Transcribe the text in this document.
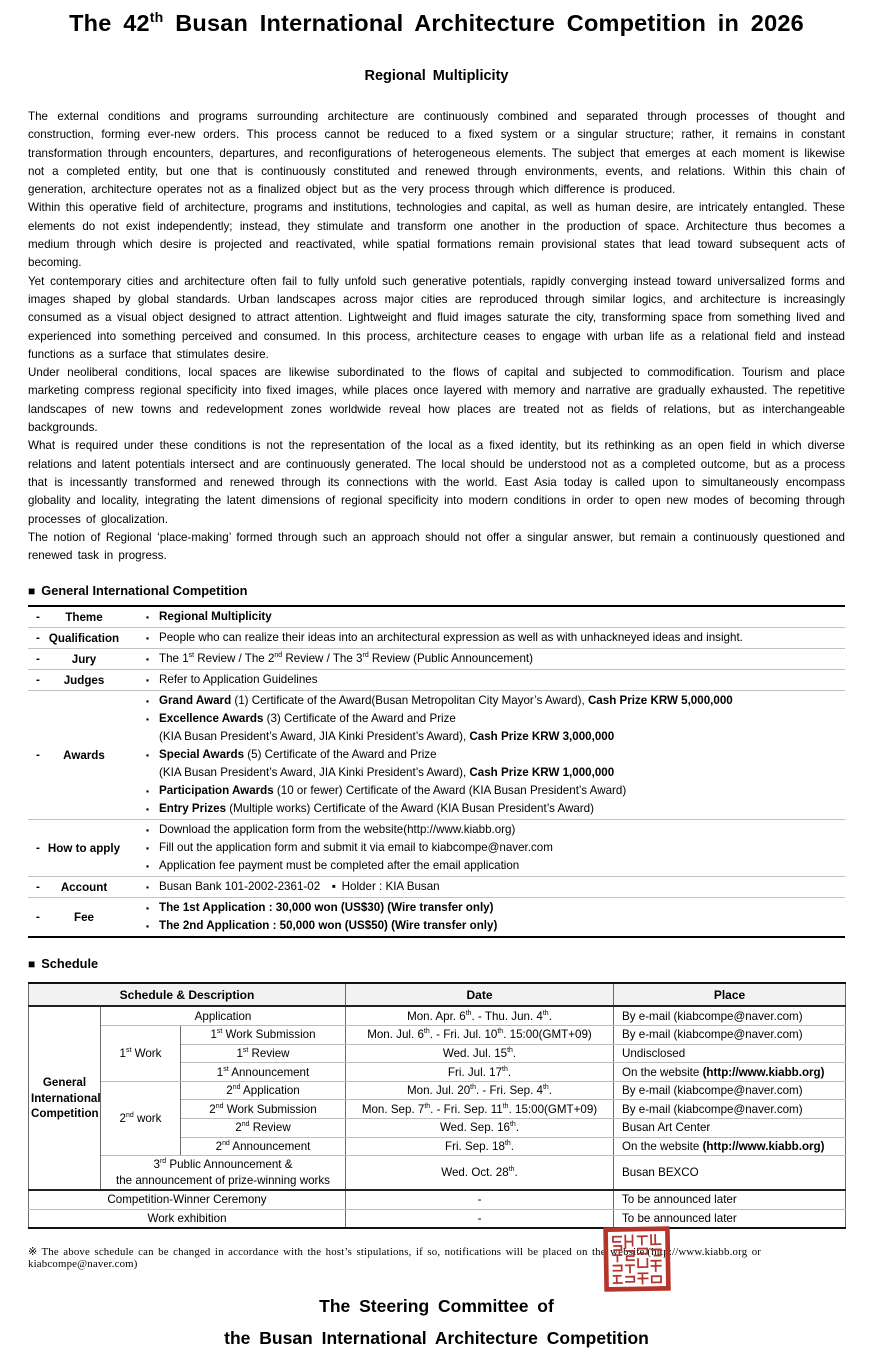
The 42th Busan International Architecture Competition in 2026
Regional Multiplicity

The external conditions and programs surrounding architecture are continuously combined and separated through processes of thought and construction, forming ever-new orders. This process cannot be reduced to a fixed system or a singular structure; rather, it remains in constant transformation through encounters, departures, and reconfigurations of heterogeneous elements. The subject that emerges at each moment is likewise not a completed entity, but one that is continuously constituted and renewed through environments, events, and relations. Within this chain of generation, architecture operates not as a finalized object but as the very process through which difference is produced.

Within this operative field of architecture, programs and institutions, technologies and capital, as well as human desire, are intricately entangled. These elements do not exist independently; instead, they stimulate and transform one another in the production of space. Architecture thus becomes a medium through which desire is projected and reactivated, while spatial formations remain provisional states that lead toward subsequent acts of becoming.

Yet contemporary cities and architecture often fail to fully unfold such generative potentials, rapidly converging instead toward universalized forms and images shaped by global standards. Urban landscapes across major cities are reproduced through similar logics, and architecture is increasingly consumed as a visual object designed to attract attention. Lightweight and fluid images saturate the city, transforming space from something lived and experienced into something perceived and consumed. In this process, architecture ceases to engage with urban life as a relational field and instead functions as a surface that stimulates desire.

Under neoliberal conditions, local spaces are likewise subordinated to the flows of capital and subjected to commodification. Tourism and place marketing compress regional specificity into fixed images, while places once layered with memory and narrative are gradually exhausted. The repetitive landscapes of new towns and redevelopment zones worldwide reveal how places are treated not as fields of relations, but as interchangeable backgrounds.

What is required under these conditions is not the representation of the local as a fixed identity, but its rethinking as an open field in which diverse relations and latent potentials intersect and are continuously generated. The local should be understood not as a completed outcome, but as a process that is incessantly transformed and renewed through its connections with the world. East Asia today is called upon to simultaneously encompass globality and locality, integrating the latent dimensions of regional specificity into modern conditions in order to open new modes of becoming through processes of glocalization.

The notion of Regional ‘place-making’ formed through such an approach should not offer a singular answer, but remain a continuously questioned and renewed task in progress.

■ General International Competition
- Theme	▪ Regional Multiplicity

- Qualification	▪ People who can realize their ideas into an architectural expression as well as with unhackneyed ideas and insight.

- Jury	▪ The 1st Review / The 2nd Review / The 3rd Review (Public Announcement)

- Judges	▪ Refer to Application Guidelines

- Awards	
▪ Grand Award (1) Certificate of the Award(Busan Metropolitan City Mayor’s Award), Cash Prize KRW 5,000,000
▪ Excellence Awards (3) Certificate of the Award and Prize
(KIA Busan President’s Award, JIA Kinki President’s Award), Cash Prize KRW 3,000,000
▪ Special Awards (5) Certificate of the Award and Prize
(KIA Busan President’s Award, JIA Kinki President’s Award), Cash Prize KRW 1,000,000
▪ Participation Awards (10 or fewer) Certificate of the Award (KIA Busan President’s Award)
▪ Entry Prizes (Multiple works) Certificate of the Award (KIA Busan President’s Award)

- How to apply	
▪ Download the application form from the website(http://www.kiabb.org)
▪ Fill out the application form and submit it via email to kiabcompe@naver.com
▪ Application fee payment must be completed after the email application

- Account	▪ Busan Bank 101-2002-2361-02  ▪ Holder : KIA Busan

-	Fee	
▪ The 1st Application : 30,000 won (US$30) (Wire transfer only)
▪ The 2nd Application : 50,000 won (US$50) (Wire transfer only)
■ Schedule
Schedule & Description			Date	Place
General International Competition	Application		Mon. Apr. 6th. - Thu. Jun. 4th.	By e-mail (kiabcompe@naver.com)
	1st Work	1st Work Submission	Mon. Jul. 6th. - Fri. Jul. 10th. 15:00(GMT+09)	By e-mail (kiabcompe@naver.com)
		1st Review	Wed. Jul. 15th.	Undisclosed
		1st Announcement	Fri. Jul. 17th.	On the website (http://www.kiabb.org)
	2nd work	2nd Application	Mon. Jul. 20th. - Fri. Sep. 4th.	By e-mail (kiabcompe@naver.com)
		2nd Work Submission	Mon. Sep. 7th. - Fri. Sep. 11th. 15:00(GMT+09)	By e-mail (kiabcompe@naver.com)
		2nd Review	Wed. Sep. 16th.	Busan Art Center
		2nd Announcement	Fri. Sep. 18th.	On the website (http://www.kiabb.org)

	3rd Public Announcement &
the announcement of prize-winning works		Wed. Oct. 28th.	Busan BEXCO
Competition-Winner Ceremony			-	To be announced later
Work exhibition			-	To be announced later
※ The above schedule can be changed in accordance with the host’s stipulations, if so, notifications will be placed on the website.(http://www.kiabb.org or kiabcompe@naver.com)
The Steering Committee of
the Busan International Architecture Competition
